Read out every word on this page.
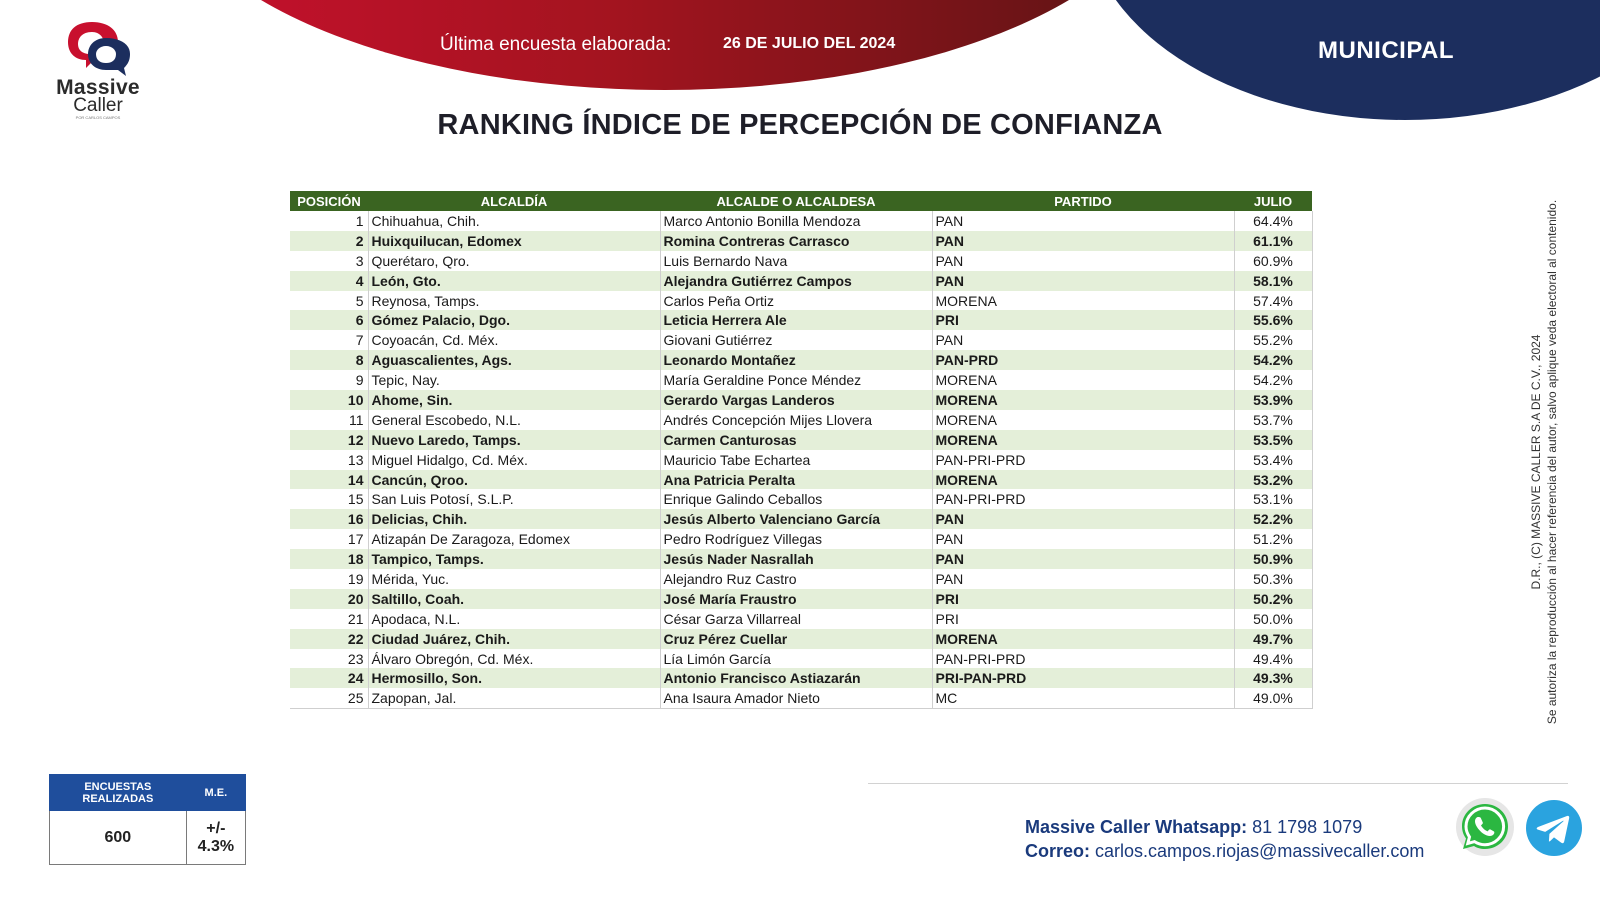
Massive
Caller
POR CARLOS CAMPOS
Última encuesta elaborada:	26 DE JULIO DEL 2024	MUNICIPAL
RANKING ÍNDICE DE PERCEPCIÓN DE CONFIANZA
POSICIÓN	ALCALDÍA	ALCALDE O ALCALDESA	PARTIDO	JULIO
1	Chihuahua, Chih.	Marco Antonio Bonilla Mendoza	PAN	64.4%
2	Huixquilucan, Edomex	Romina Contreras Carrasco	PAN	61.1%
3	Querétaro, Qro.	Luis Bernardo Nava	PAN	60.9%
4	León, Gto.	Alejandra Gutiérrez Campos	PAN	58.1%
5	Reynosa, Tamps.	Carlos Peña Ortiz	MORENA	57.4%
6	Gómez Palacio, Dgo.	Leticia Herrera Ale	PRI	55.6%
7	Coyoacán, Cd. Méx.	Giovani Gutiérrez	PAN	55.2%
8	Aguascalientes, Ags.	Leonardo Montañez	PAN-PRD	54.2%
9	Tepic, Nay.	María Geraldine Ponce Méndez	MORENA	54.2%
10	Ahome, Sin.	Gerardo Vargas Landeros	MORENA	53.9%
11	General Escobedo, N.L.	Andrés Concepción Mijes Llovera	MORENA	53.7%
12	Nuevo Laredo, Tamps.	Carmen Canturosas	MORENA	53.5%
13	Miguel Hidalgo, Cd. Méx.	Mauricio Tabe Echartea	PAN-PRI-PRD	53.4%
14	Cancún, Qroo.	Ana Patricia Peralta	MORENA	53.2%
15	San Luis Potosí, S.L.P.	Enrique Galindo Ceballos	PAN-PRI-PRD	53.1%
16	Delicias, Chih.	Jesús Alberto Valenciano García	PAN	52.2%
17	Atizapán De Zaragoza, Edomex	Pedro Rodríguez Villegas	PAN	51.2%
18	Tampico, Tamps.	Jesús Nader Nasrallah	PAN	50.9%
19	Mérida, Yuc.	Alejandro Ruz Castro	PAN	50.3%
20	Saltillo, Coah.	José María Fraustro	PRI	50.2%
21	Apodaca, N.L.	César Garza Villarreal	PRI	50.0%
22	Ciudad Juárez, Chih.	Cruz Pérez Cuellar	MORENA	49.7%
23	Álvaro Obregón, Cd. Méx.	Lía Limón García	PAN-PRI-PRD	49.4%
24	Hermosillo, Son.	Antonio Francisco Astiazarán	PRI-PAN-PRD	49.3%
25	Zapopan, Jal.	Ana Isaura Amador Nieto	MC	49.0%
D.R., (C) MASSIVE CALLER S.A DE C.V., 2024 Se autoriza la reproducción al hacer referencia del autor, salvo aplique veda electoral al contenido.
ENCUESTAS REALIZADAS	M.E.
600	+/- 4.3%
Massive Caller Whatsapp: 81 1798 1079
Correo: carlos.campos.riojas@massivecaller.com
